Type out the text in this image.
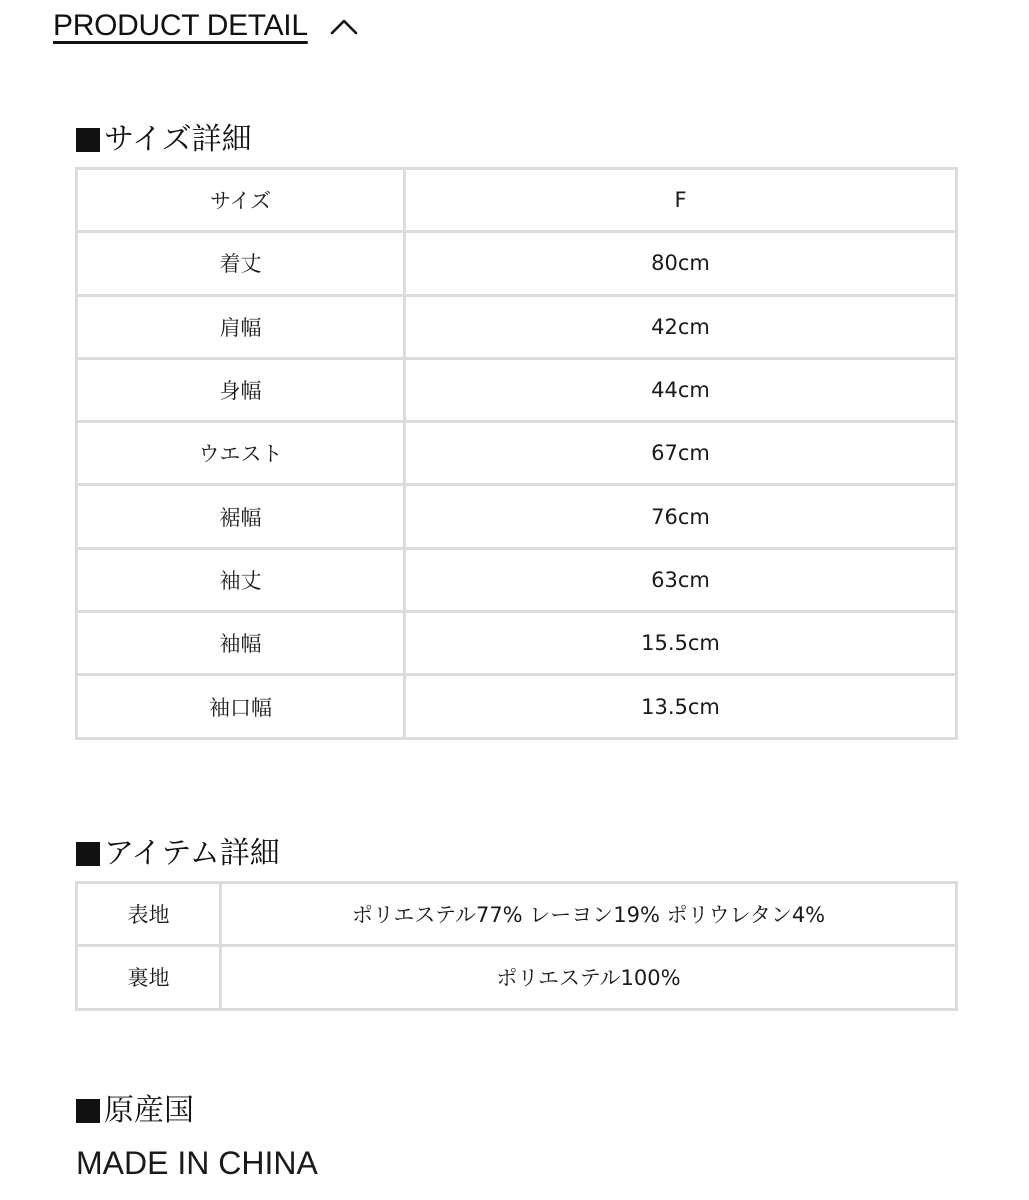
PRODUCT DETAIL
サイズ詳細
サイズ	F
着丈	80cm
肩幅	42cm
身幅	44cm
ウエスト	67cm
裾幅	76cm
袖丈	63cm
袖幅	15.5cm
袖口幅	13.5cm
アイテム詳細
表地	ポリエステル77% レーヨン19% ポリウレタン4%
裏地	ポリエステル100%
原産国
MADE IN CHINA
